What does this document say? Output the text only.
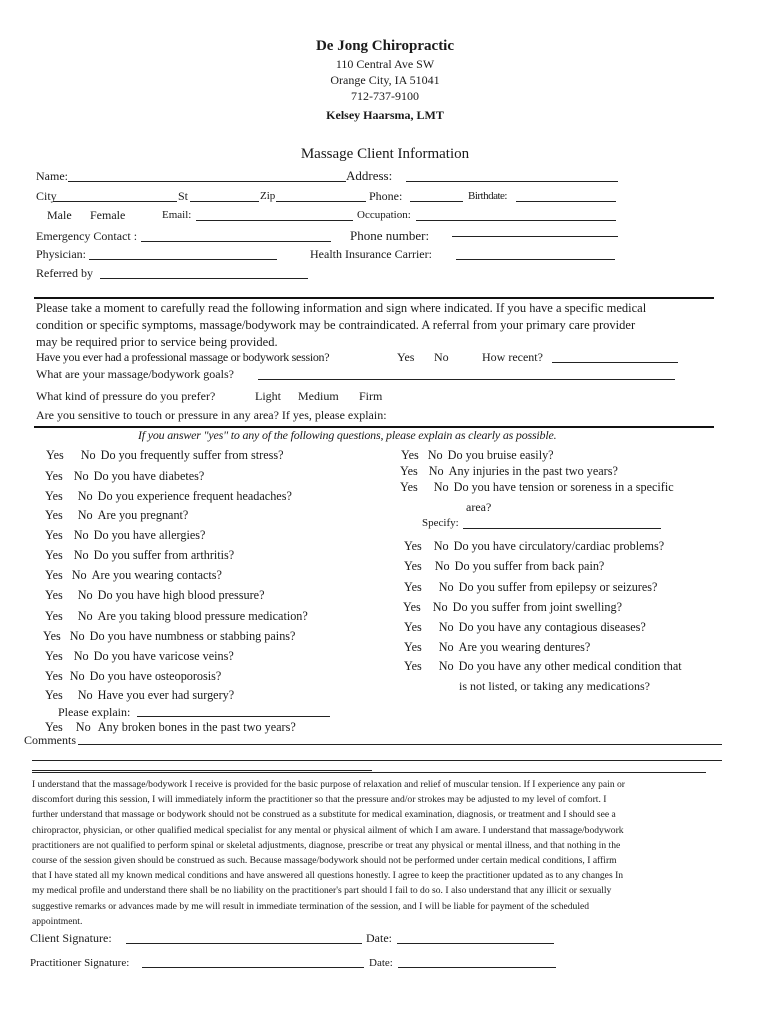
De Jong Chiropractic
110 Central Ave SW
Orange City, IA 51041
712-737-9100
Kelsey Haarsma, LMT
Massage Client Information
Name:	Address:
City	St	Zip	Phone:	Birthdate:
Male Female	Email:	Occupation:
Emergency Contact :	Phone number:
Physician:	Health Insurance Carrier:
Referred by
Please take a moment to carefully read the following information and sign where indicated. If you have a specific medical
condition or specific symptoms, massage/bodywork may be contraindicated. A referral from your primary care provider
may be required prior to service being provided.
Have you ever had a professional massage or bodywork session?	Yes No	How recent?
What are your massage/bodywork goals?
What kind of pressure do you prefer?	Light Medium Firm
Are you sensitive to touch or pressure in any area? If yes, please explain:
If you answer "yes" to any of the following questions, please explain as clearly as possible.
Yes No Do you frequently suffer from stress?
Yes No Do you have diabetes?
Yes No Do you experience frequent headaches?
Yes No Are you pregnant?
Yes No Do you have allergies?
Yes No Do you suffer from arthritis?
Yes No Are you wearing contacts?
Yes No Do you have high blood pressure?
Yes No Are you taking blood pressure medication?
Yes No Do you have numbness or stabbing pains?
Yes No Do you have varicose veins?
Yes No Do you have osteoporosis?
Yes No Have you ever had surgery?
Please explain:
Yes No Any broken bones in the past two years?
Yes No Do you bruise easily?
Yes No Any injuries in the past two years?
Yes No Do you have tension or soreness in a specific
area?
Specify:
Yes No Do you have circulatory/cardiac problems?
Yes No Do you suffer from back pain?
Yes No Do you suffer from epilepsy or seizures?
Yes No Do you suffer from joint swelling?
Yes No Do you have any contagious diseases?
Yes No Are you wearing dentures?
Yes No Do you have any other medical condition that
is not listed, or taking any medications?
Comments
I understand that the massage/bodywork I receive is provided for the basic purpose of relaxation and relief of muscular tension. If I experience any pain or
discomfort during this session, I will immediately inform the practitioner so that the pressure and/or strokes may be adjusted to my level of comfort. I
further understand that massage or bodywork should not be construed as a substitute for medical examination, diagnosis, or treatment and I should see a
chiropractor, physician, or other qualified medical specialist for any mental or physical ailment of which I am aware. I understand that massage/bodywork
practitioners are not qualified to perform spinal or skeletal adjustments, diagnose, prescribe or treat any physical or mental illness, and that nothing in the
course of the session given should be construed as such. Because massage/bodywork should not be performed under certain medical conditions, I affirm
that I have stated all my known medical conditions and have answered all questions honestly. I agree to keep the practitioner updated as to any changes In
my medical profile and understand there shall be no liability on the practitioner's part should I fail to do so. I also understand that any illicit or sexually
suggestive remarks or advances made by me will result in immediate termination of the session, and I will be liable for payment of the scheduled
appointment.
Client Signature:	Date:
Practitioner Signature:	Date:
